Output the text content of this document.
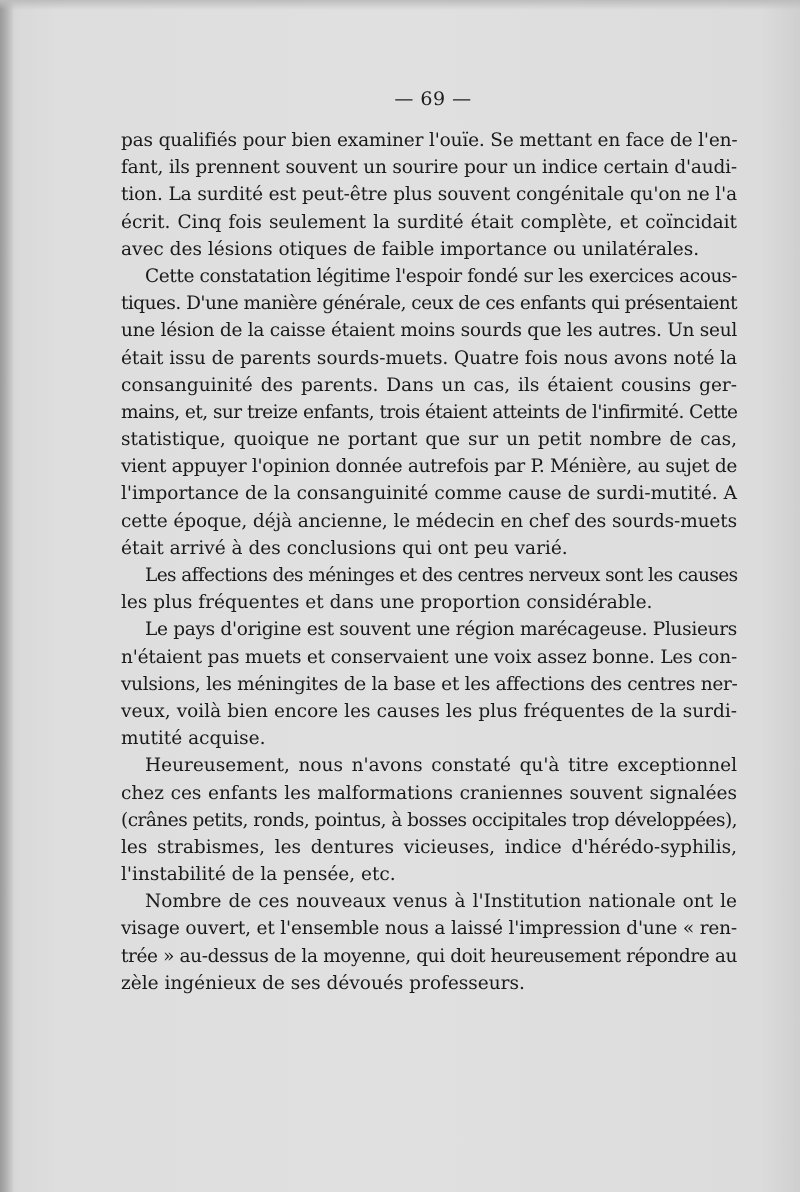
— 69 —
pas qualifiés pour bien examiner l'ouïe. Se mettant en face de l'en-
fant, ils prennent souvent un sourire pour un indice certain d'audi-
tion. La surdité est peut-être plus souvent congénitale qu'on ne l'a
écrit. Cinq fois seulement la surdité était complète, et coïncidait
avec des lésions otiques de faible importance ou unilatérales.
Cette constatation légitime l'espoir fondé sur les exercices acous-
tiques. D'une manière générale, ceux de ces enfants qui présentaient
une lésion de la caisse étaient moins sourds que les autres. Un seul
était issu de parents sourds-muets. Quatre fois nous avons noté la
consanguinité des parents. Dans un cas, ils étaient cousins ger-
mains, et, sur treize enfants, trois étaient atteints de l'infirmité. Cette
statistique, quoique ne portant que sur un petit nombre de cas,
vient appuyer l'opinion donnée autrefois par P. Ménière, au sujet de
l'importance de la consanguinité comme cause de surdi-mutité. A
cette époque, déjà ancienne, le médecin en chef des sourds-muets
était arrivé à des conclusions qui ont peu varié.
Les affections des méninges et des centres nerveux sont les causes
les plus fréquentes et dans une proportion considérable.
Le pays d'origine est souvent une région marécageuse. Plusieurs
n'étaient pas muets et conservaient une voix assez bonne. Les con-
vulsions, les méningites de la base et les affections des centres ner-
veux, voilà bien encore les causes les plus fréquentes de la surdi-
mutité acquise.
Heureusement, nous n'avons constaté qu'à titre exceptionnel
chez ces enfants les malformations craniennes souvent signalées
(crânes petits, ronds, pointus, à bosses occipitales trop développées),
les strabismes, les dentures vicieuses, indice d'hérédo-syphilis,
l'instabilité de la pensée, etc.
Nombre de ces nouveaux venus à l'Institution nationale ont le
visage ouvert, et l'ensemble nous a laissé l'impression d'une « ren-
trée » au-dessus de la moyenne, qui doit heureusement répondre au
zèle ingénieux de ses dévoués professeurs.
